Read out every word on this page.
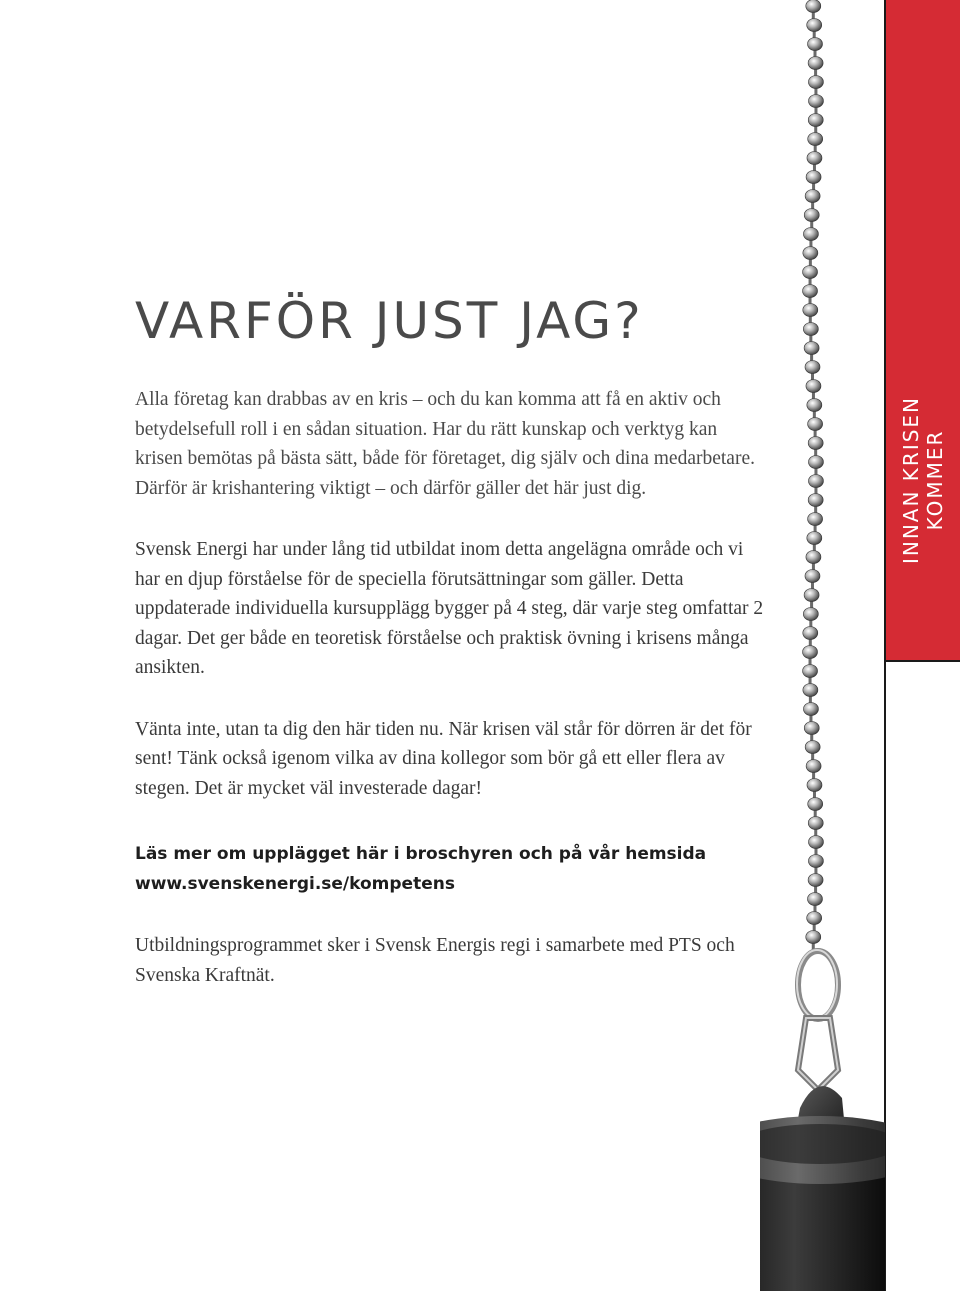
INNAN KRISEN KOMMER
VARFÖR JUST JAG?

Alla företag kan drabbas av en kris – och du kan komma att få en aktiv och betydelsefull roll i en sådan situation. Har du rätt kunskap och verktyg kan krisen bemötas på bästa sätt, både för företaget, dig själv och dina medarbetare. Därför är krishantering viktigt – och därför gäller det här just dig.

Svensk Energi har under lång tid utbildat inom detta angelägna område och vi har en djup förståelse för de speciella förutsättningar som gäller. Detta uppdaterade individuella kursupplägg bygger på 4 steg, där varje steg omfattar 2 dagar. Det ger både en teoretisk förståelse och praktisk övning i krisens många ansikten.

Vänta inte, utan ta dig den här tiden nu. När krisen väl står för dörren är det för sent! Tänk också igenom vilka av dina kollegor som bör gå ett eller flera av stegen. Det är mycket väl investerade dagar!

Läs mer om upplägget här i broschyren och på vår hemsida
www.svenskenergi.se/kompetens

Utbildningsprogrammet sker i Svensk Energis regi i samarbete med PTS och Svenska Kraftnät.
